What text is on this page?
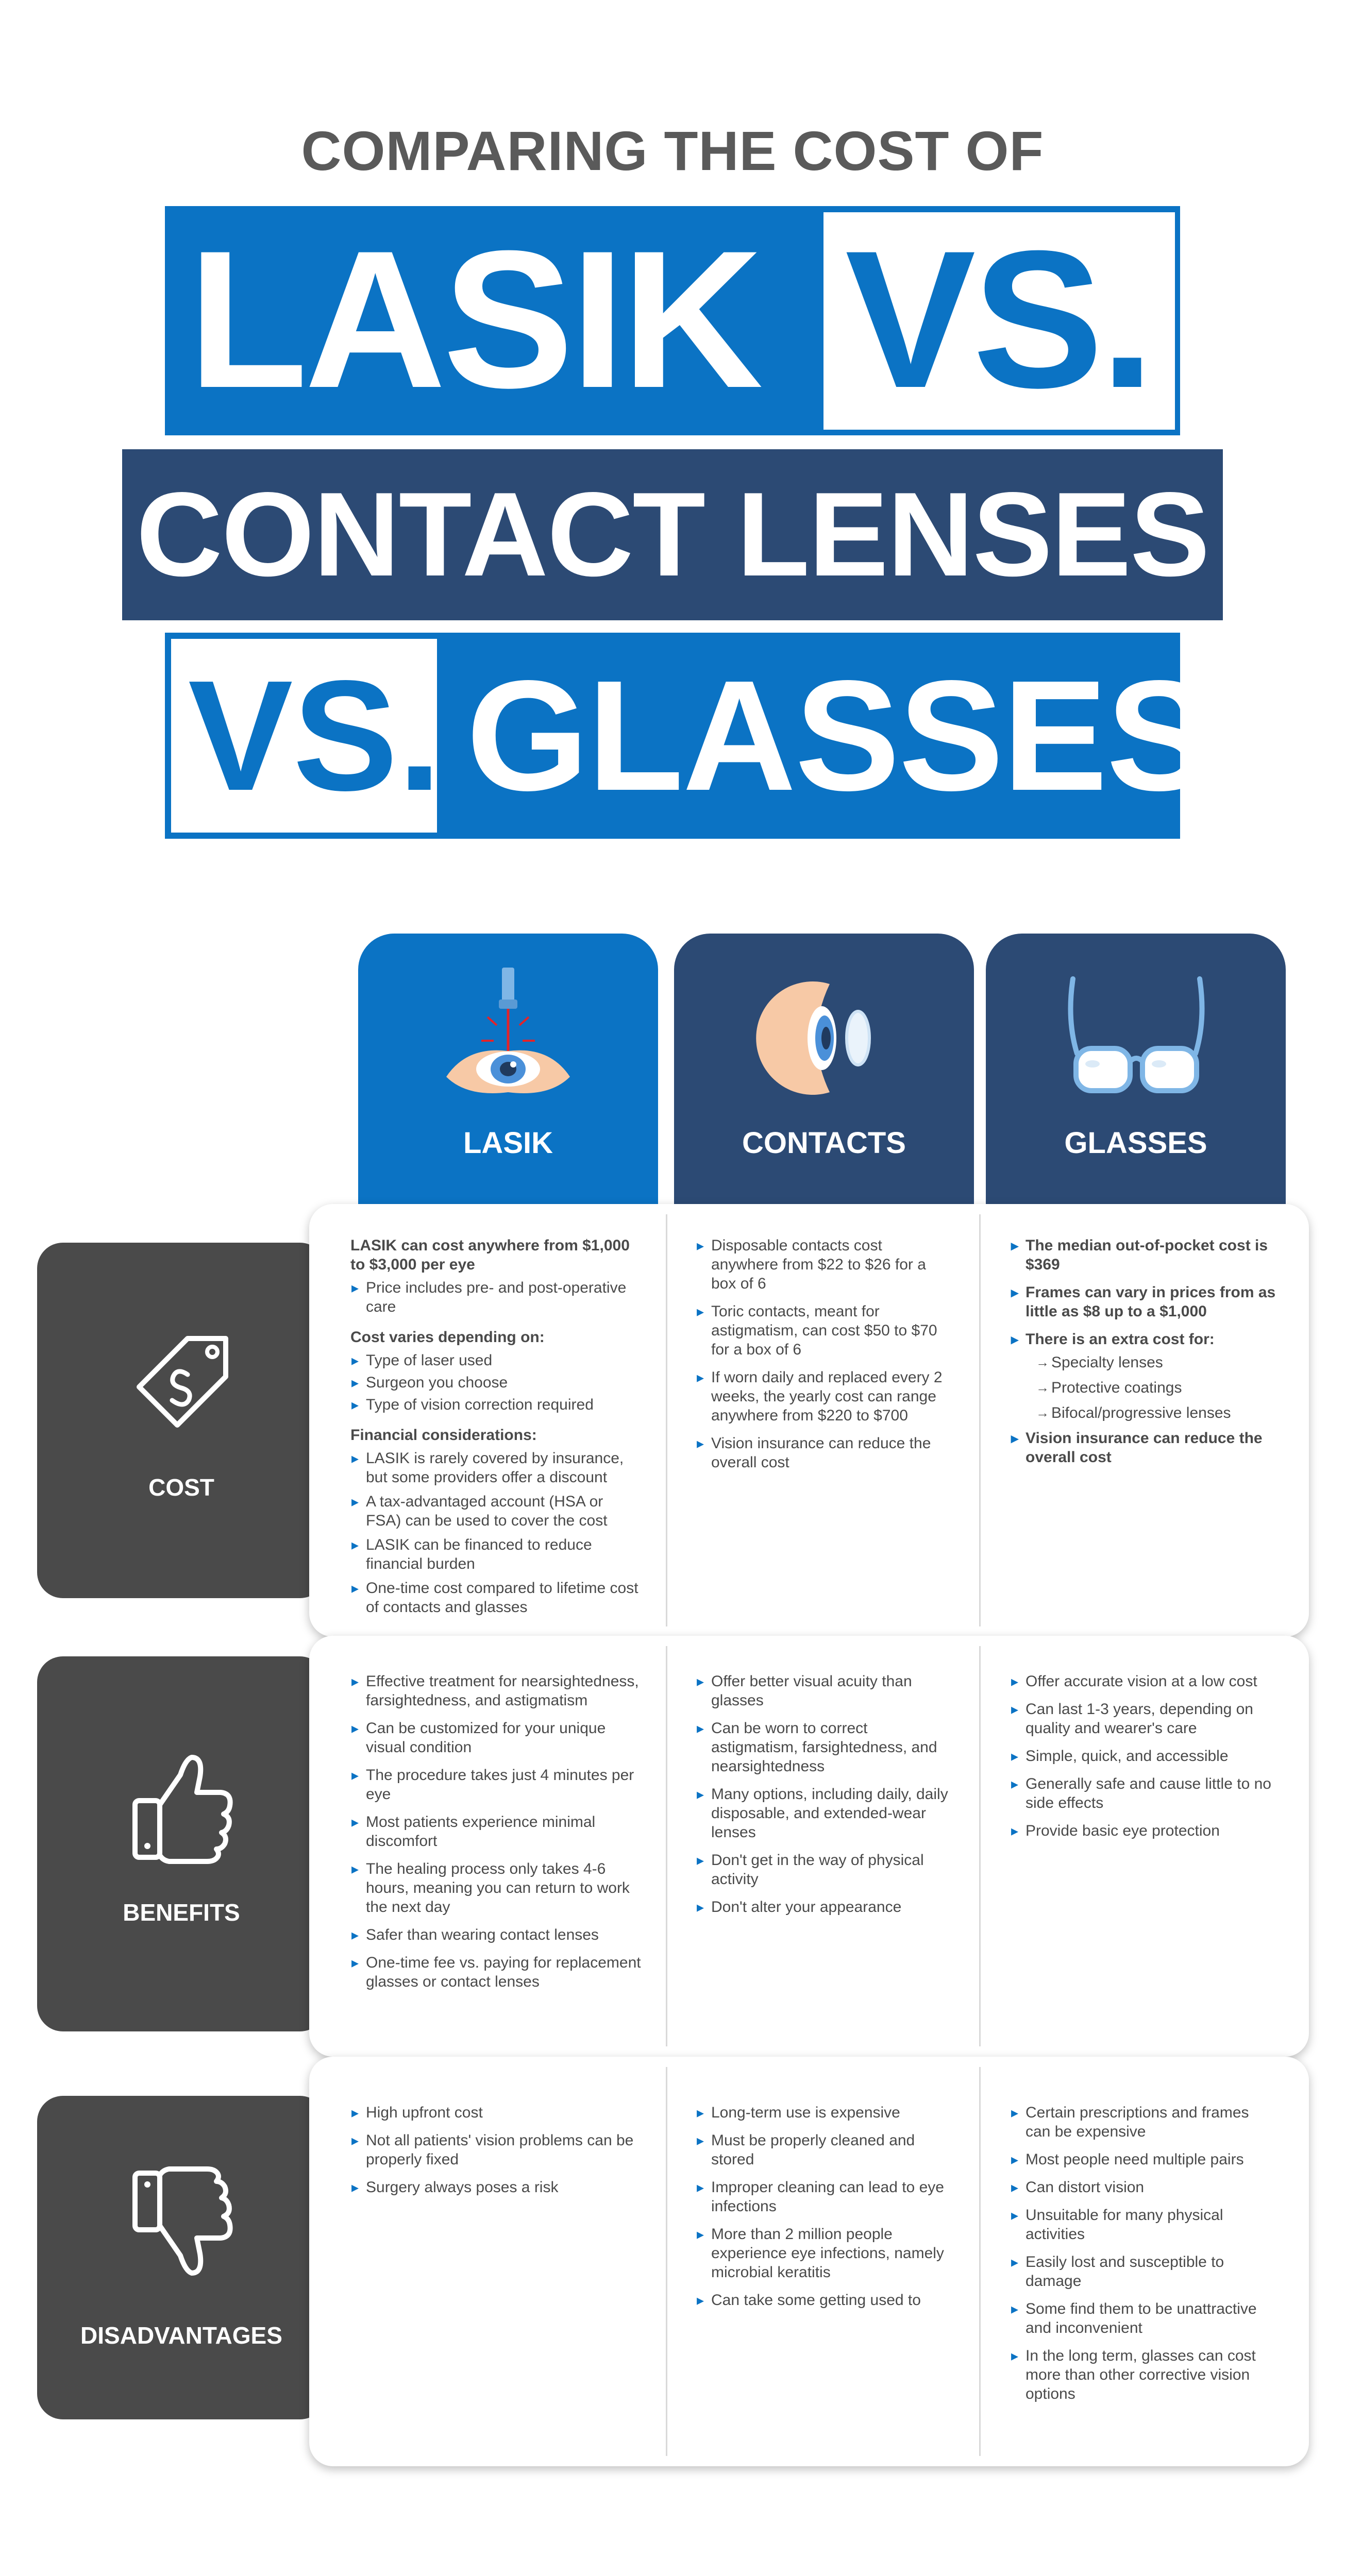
COMPARING THE COST OF
LASIK VS.
CONTACT LENSES
VS. GLASSES
LASIK	CONTACTS	GLASSES
COST
LASIK can cost anywhere from $1,000 to $3,000 per eye
▸ Price includes pre- and post-operative care
Cost varies depending on:
▸ Type of laser used
▸ Surgeon you choose
▸ Type of vision correction required
Financial considerations:
▸ LASIK is rarely covered by insurance, but some providers offer a discount
▸ A tax-advantaged account (HSA or FSA) can be used to cover the cost
▸ LASIK can be financed to reduce financial burden
▸ One-time cost compared to lifetime cost of contacts and glasses
▸ Disposable contacts cost anywhere from $22 to $26 for a box of 6
▸ Toric contacts, meant for astigmatism, can cost $50 to $70 for a box of 6
▸ If worn daily and replaced every 2 weeks, the yearly cost can range anywhere from $220 to $700
▸ Vision insurance can reduce the overall cost
▸ The median out-of-pocket cost is $369
▸ Frames can vary in prices from as little as $8 up to a $1,000
▸ There is an extra cost for:
→ Specialty lenses
→ Protective coatings
→ Bifocal/progressive lenses
▸ Vision insurance can reduce the overall cost
BENEFITS
▸ Effective treatment for nearsightedness, farsightedness, and astigmatism
▸ Can be customized for your unique visual condition
▸ The procedure takes just 4 minutes per eye
▸ Most patients experience minimal discomfort
▸ The healing process only takes 4-6 hours, meaning you can return to work the next day
▸ Safer than wearing contact lenses
▸ One-time fee vs. paying for replacement glasses or contact lenses
▸ Offer better visual acuity than glasses
▸ Can be worn to correct astigmatism, farsightedness, and nearsightedness
▸ Many options, including daily, daily disposable, and extended-wear lenses
▸ Don't get in the way of physical activity
▸ Don't alter your appearance
▸ Offer accurate vision at a low cost
▸ Can last 1-3 years, depending on quality and wearer's care
▸ Simple, quick, and accessible
▸ Generally safe and cause little to no side effects
▸ Provide basic eye protection
DISADVANTAGES
▸ High upfront cost
▸ Not all patients' vision problems can be properly fixed
▸ Surgery always poses a risk
▸ Long-term use is expensive
▸ Must be properly cleaned and stored
▸ Improper cleaning can lead to eye infections
▸ More than 2 million people experience eye infections, namely microbial keratitis
▸ Can take some getting used to
▸ Certain prescriptions and frames can be expensive
▸ Most people need multiple pairs
▸ Can distort vision
▸ Unsuitable for many physical activities
▸ Easily lost and susceptible to damage
▸ Some find them to be unattractive and inconvenient
▸ In the long term, glasses can cost more than other corrective vision options
